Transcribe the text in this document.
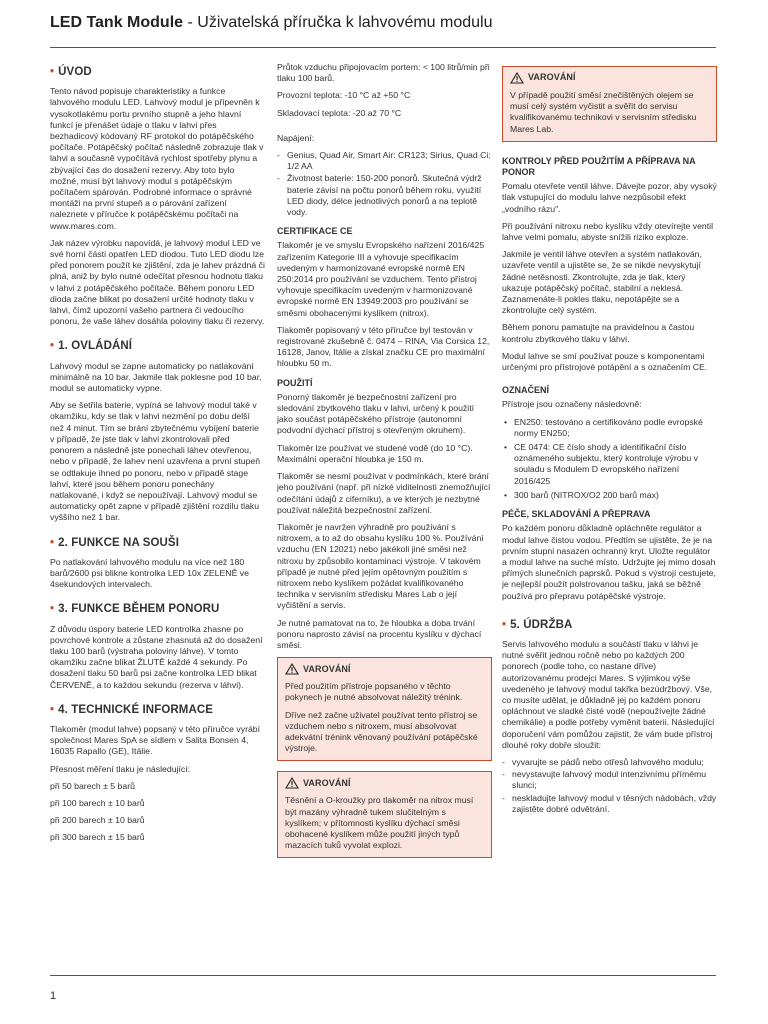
LED Tank Module - Uživatelská příručka k lahvovému modulu
• ÚVOD

Tento návod popisuje charakteristiky a funkce lahvového modulu LED. Lahvový modul je připevněn k vysokotlakému portu prvního stupně a jeho hlavní funkcí je přenášet údaje o tlaku v lahvi přes bezhadicový kódovaný RF protokol do potápěčského počítače. Potápěčský počítač následně zobrazuje tlak v lahvi a současně vypočítává rychlost spotřeby plynu a zbývající čas do dosažení rezervy. Aby toto bylo možné, musí být lahvový modul s potápěčským počítačem spárován. Podrobné informace o správné montáži na první stupeň a o párování zařízení naleznete v příručce k potápěčskému počítači na www.mares.com.

Jak název výrobku napovídá, je lahvový modul LED ve své horní části opatřen LED diodou. Tuto LED diodu lze před ponorem použít ke zjištění, zda je lahev prázdná či plná, aniž by bylo nutné odečítat přesnou hodnotu tlaku v lahvi z potápěčského počítače. Během ponoru LED dioda začne blikat po dosažení určité hodnoty tlaku v lahvi, čímž upozorní vašeho partnera či vedoucího ponoru, že vaše láhev dosáhla poloviny tlaku či rezervy.

• 1. OVLÁDÁNÍ

Lahvový modul se zapne automaticky po natlakování minimálně na 10 bar. Jakmile tlak poklesne pod 10 bar, modul se automaticky vypne.

Aby se šetřila baterie, vypíná se lahvový modul také v okamžiku, kdy se tlak v lahvi nezmění po dobu delší než 4 minut. Tím se brání zbytečnému vybíjení baterie v případě, že jste tlak v lahvi zkontrolovali před ponorem a následně jste ponechali láhev otevřenou, nebo v případě, že lahev není uzavřena a první stupeň se odtlakuje ihned po ponoru, nebo v případě stage lahví, které jsou během ponoru ponechány natlakované, i když se nepoužívají. Lahvový modul se automaticky opět zapne v případě zjištění rozdílu tlaku vyššího než 1 bar.

• 2. FUNKCE NA SOUŠI

Po natlakování lahvového modulu na více než 180 barů/2600 psi blikne kontrolka LED 10x ZELENĚ ve 4sekundových intervalech.

• 3. FUNKCE BĚHEM PONORU

Z důvodu úspory baterie LED kontrolka zhasne po povrchové kontrole a zůstane zhasnutá až do dosažení tlaku 100 barů (výstraha poloviny láhve). V tomto okamžiku začne blikat ŽLUTĚ každé 4 sekundy. Po dosažení tlaku 50 barů psi začne kontrolka LED blikat ČERVENĚ, a to každou sekundu (rezerva v láhvi).

• 4. TECHNICKÉ INFORMACE

Tlakoměr (modul lahve) popsaný v této příručce vyrábí společnost Mares SpA se sídlem v Salita Bonsen 4, 16035 Rapallo (GE), Itálie.

Přesnost měření tlaku je následující:

při 50 barech ± 5 barů

při 100 barech ± 10 barů

při 200 barech ± 10 barů

při 300 barech ± 15 barů

Průtok vzduchu připojovacím portem: < 100 litrů/min při tlaku 100 barů.

Provozní teplota: -10 °C až +50 °C

Skladovací teplota: -20 až 70 °C

Napájení:

- Genius, Quad Air, Smart Air: CR123; Sirius, Quad Ci: 1/2 AA
- Životnost baterie: 150-200 ponorů. Skutečná výdrž baterie závisí na počtu ponorů během roku, využití LED diody, délce jednotlivých ponorů a na teplotě vody.
CERTIFIKACE CE

Tlakoměr je ve smyslu Evropského nařízení 2016/425 zařízením Kategorie III a vyhovuje specifikacím uvedeným v harmonizované evropské normě EN 250:2014 pro používání se vzduchem. Tento přístroj vyhovuje specifikacím uvedeným v harmonizované evropské normě EN 13949:2003 pro používání se směsmi obohacenými kyslíkem (nitrox).

Tlakoměr popisovaný v této příručce byl testován v registrované zkušebně č. 0474 – RINA, Via Corsica 12, 16128, Janov, Itálie a získal značku CE pro maximální hloubku 50 m.

POUŽITÍ

Ponorný tlakoměr je bezpečnostní zařízení pro sledování zbytkového tlaku v lahvi, určený k použití jako součást potápěčského přístroje (autonomní podvodní dýchací přístroj s otevřeným okruhem).

Tlakoměr lze používat ve studené vodě (do 10 °C). Maximální operační hloubka je 150 m.

Tlakoměr se nesmí používat v podmínkách, které brání jeho používání (např. při nízké viditelnosti znemožňující odečítání údajů z ciferníku), a ve kterých je nezbytné používat náležitá bezpečnostní zařízení.

Tlakoměr je navržen výhradně pro používání s nitroxem, a to až do obsahu kyslíku 100 %. Používání vzduchu (EN 12021) nebo jakékoli jiné směsi než nitroxu by způsobilo kontaminaci výstroje. V takovém případě je nutné před jejím opětovným použitím s nitroxem nebo kyslíkem požádat kvalifikovaného technika v servisním středisku Mares Lab o její vyčištění a servis.

Je nutné pamatovat na to, že hloubka a doba trvání ponoru naprosto závisí na procentu kyslíku v dýchací směsi.

VAROVÁNÍ

Před použitím přístroje popsaného v těchto pokynech je nutné absolvovat náležitý trénink.

Dříve než začne uživatel používat tento přístroj se vzduchem nebo s nitroxem, musí absolvovat adekvátní trénink věnovaný používání potápěčské výstroje.

VAROVÁNÍ

Těsnění a O-kroužky pro tlakoměr na nitrox musí být mazány výhradně tukem slučitelným s kyslíkem; v přítomnosti kyslíku dýchací směsi obohacené kyslíkem může použití jiných typů mazacích tuků vyvolat explozi.

VAROVÁNÍ

V případě použití směsí znečištěných olejem se musí celý systém vyčistit a svěřit do servisu kvalifikovanému technikovi v servisním středisku Mares Lab.

KONTROLY PŘED POUŽITÍM A PŘÍPRAVA NA PONOR

Pomalu otevřete ventil láhve. Dávejte pozor, aby vysoký tlak vstupující do modulu lahve nezpůsobil efekt „vodního rázu".

Při používání nitroxu nebo kyslíku vždy otevírejte ventil lahve velmi pomalu, abyste snížili riziko exploze.

Jakmile je ventil láhve otevřen a systém natlakován, uzavřete ventil a ujistěte se, že se nikde nevyskytují žádné netěsnosti. Zkontrolujte, zda je tlak, který ukazuje potápěčský počítač, stabilní a neklesá. Zaznamenáte-li pokles tlaku, nepotápějte se a zkontrolujte celý systém.

Během ponoru pamatujte na pravidelnou a častou kontrolu zbytkového tlaku v láhvi.

Modul lahve se smí používat pouze s komponentami určenými pro přístrojové potápění a s označením CE.

OZNAČENÍ

Přístroje jsou označeny následovně:

• EN250: testováno a certifikováno podle evropské normy EN250;
• CE 0474: CE číslo shody a identifikační číslo oznámeného subjektu, který kontroluje výrobu v souladu s Modulem D evropského nařízení 2016/425
• 300 barů (NITROX/O2 200 barů max)
PÉČE, SKLADOVÁNÍ A PŘEPRAVA

Po každém ponoru důkladně opláchněte regulátor a modul lahve čistou vodou. Předtím se ujistěte, že je na prvním stupni nasazen ochranný kryt. Uložte regulátor a modul lahve na suché místo. Udržujte jej mimo dosah přímých slunečních paprsků. Pokud s výstrojí cestujete, je nejlepší použít polstrovanou tašku, jaká se běžně používá pro přepravu potápěčské výstroje.

• 5. ÚDRŽBA

Servis lahvového modulu a součástí tlaku v láhvi je nutné svěřit jednou ročně nebo po každých 200 ponorech (podle toho, co nastane dříve) autorizovanému prodejci Mares. S výjimkou výše uvedeného je lahvový modul takřka bezúdržbový. Vše, co musíte udělat, je důkladně jej po každém ponoru opláchnout ve sladké čisté vodě (nepoužívejte žádné chemikálie) a podle potřeby vyměnit baterii. Následující doporučení vám pomůžou zajistit, že vám bude přístroj dlouhé roky dobře sloužit:

- vyvarujte se pádů nebo otřesů lahvového modulu;
- nevystavujte lahvový modul intenzivnímu přímému slunci;
- neskladujte lahvový modul v těsných nádobách, vždy zajistěte dobré odvětrání.
1
